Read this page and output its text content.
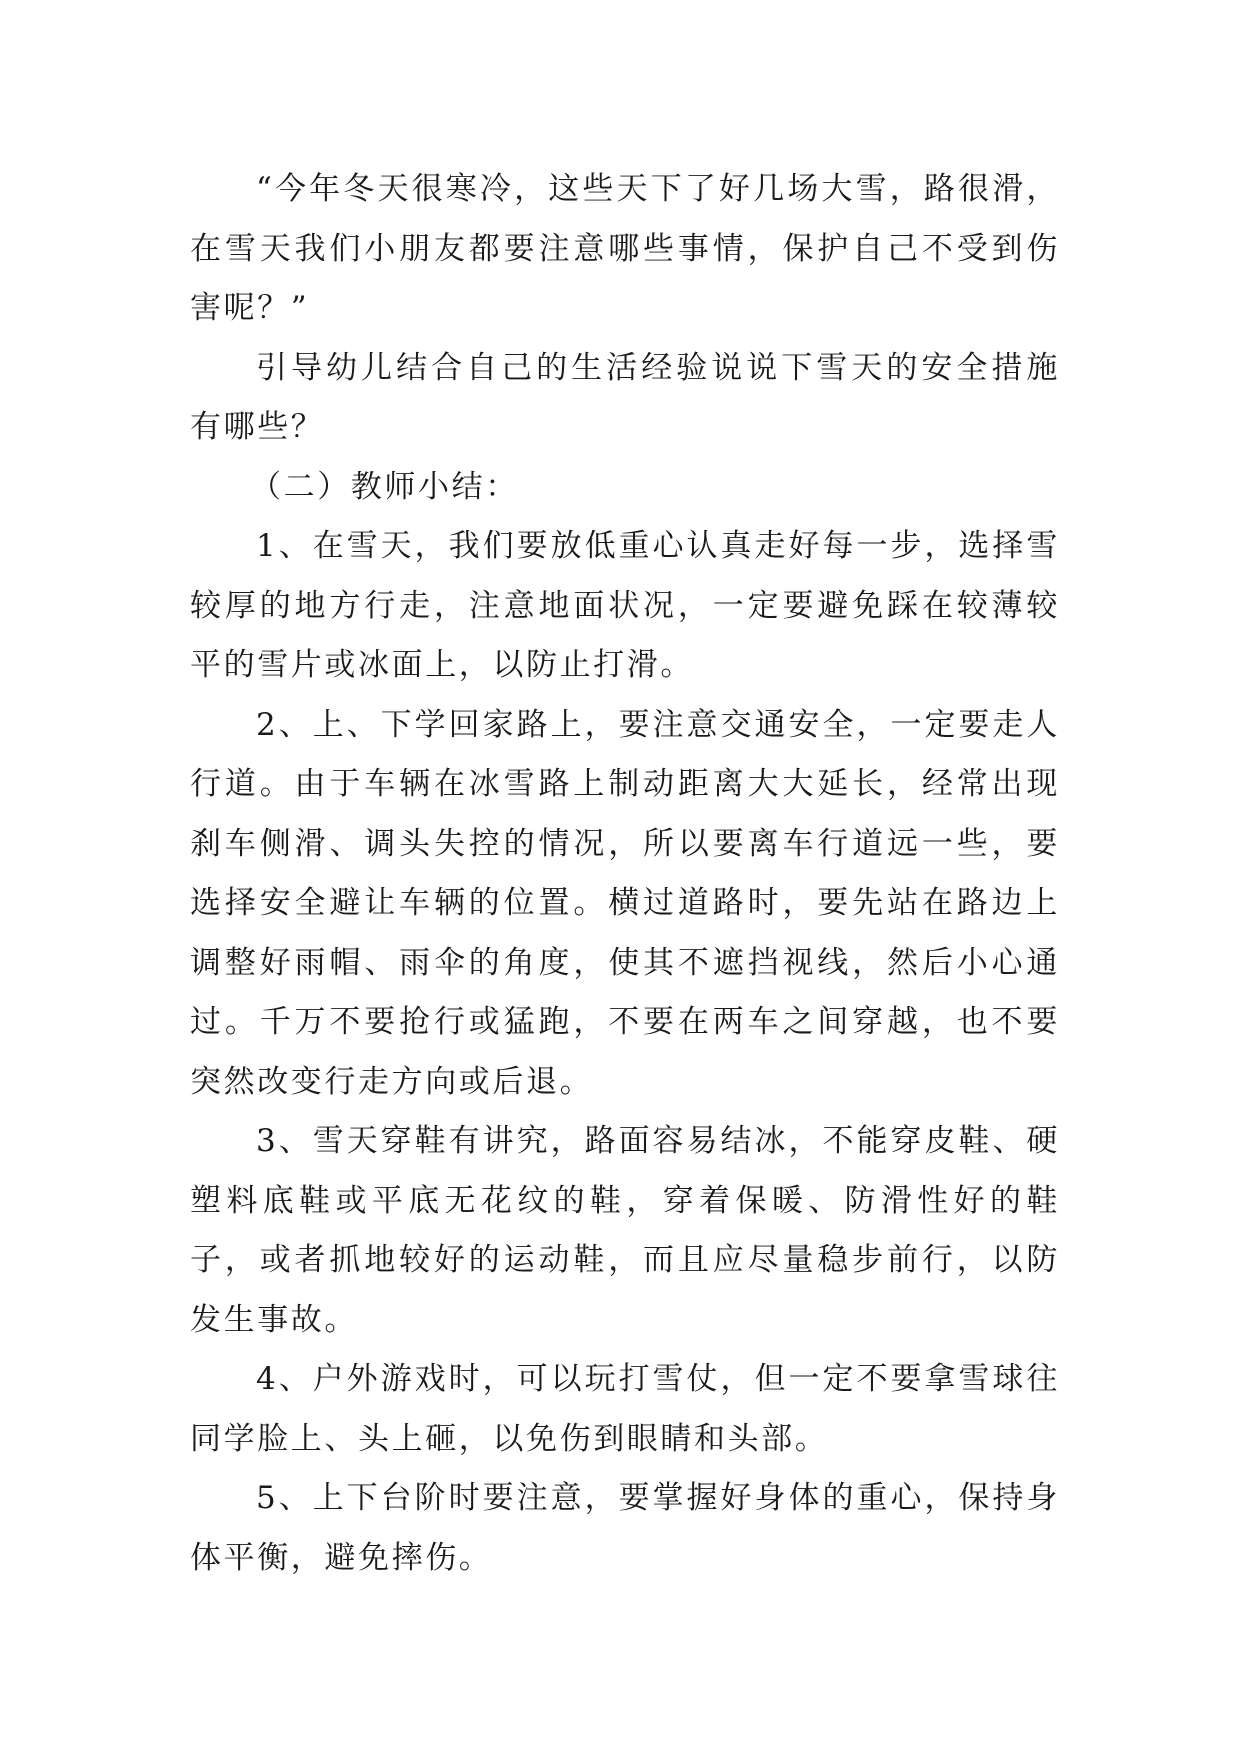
“今年冬天很寒冷，这些天下了好几场大雪，路很滑，在雪天我们小朋友都要注意哪些事情，保护自己不受到伤害呢？”

引导幼儿结合自己的生活经验说说下雪天的安全措施有哪些？

（二）教师小结：

1、在雪天，我们要放低重心认真走好每一步，选择雪较厚的地方行走，注意地面状况，一定要避免踩在较薄较平的雪片或冰面上，以防止打滑。

2、上、下学回家路上，要注意交通安全，一定要走人行道。由于车辆在冰雪路上制动距离大大延长，经常出现刹车侧滑、调头失控的情况，所以要离车行道远一些，要选择安全避让车辆的位置。横过道路时，要先站在路边上调整好雨帽、雨伞的角度，使其不遮挡视线，然后小心通过。千万不要抢行或猛跑，不要在两车之间穿越，也不要突然改变行走方向或后退。

3、雪天穿鞋有讲究，路面容易结冰，不能穿皮鞋、硬塑料底鞋或平底无花纹的鞋，穿着保暖、防滑性好的鞋子，或者抓地较好的运动鞋，而且应尽量稳步前行，以防发生事故。

4、户外游戏时，可以玩打雪仗，但一定不要拿雪球往同学脸上、头上砸，以免伤到眼睛和头部。

5、上下台阶时要注意，要掌握好身体的重心，保持身体平衡，避免摔伤。
